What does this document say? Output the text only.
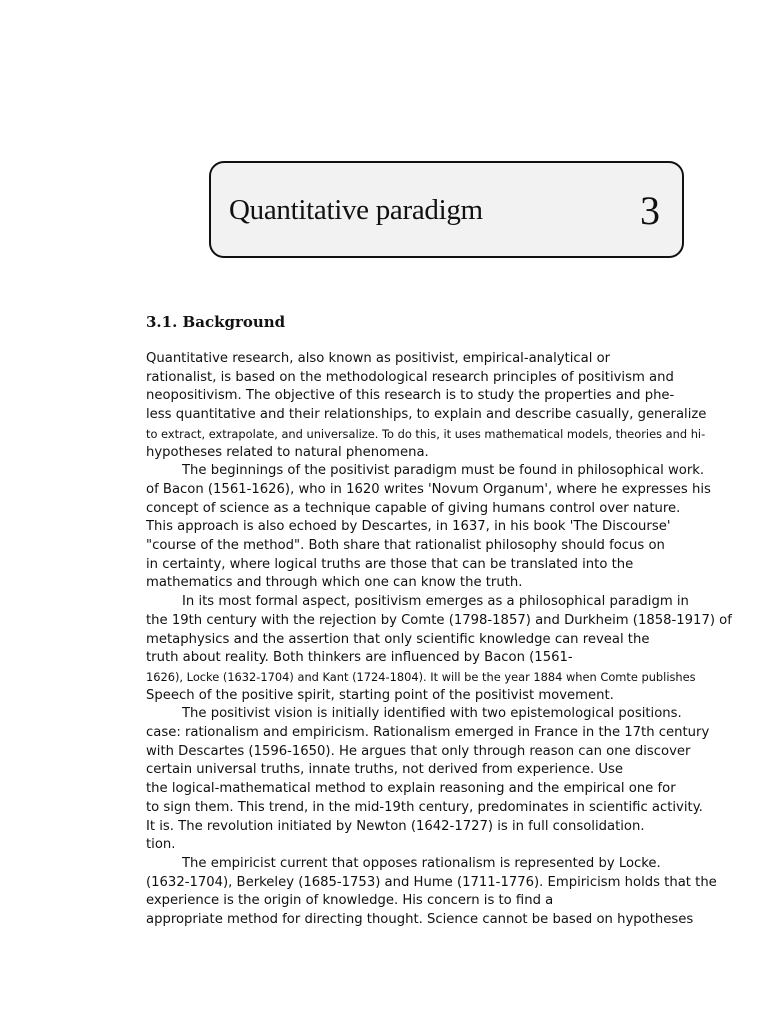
Quantitative paradigm	3
3.1. Background

Quantitative research, also known as positivist, empirical-analytical or
rationalist, is based on the methodological research principles of positivism and
neopositivism. The objective of this research is to study the properties and phe-
less quantitative and their relationships, to explain and describe casually, generalize
to extract, extrapolate, and universalize. To do this, it uses mathematical models, theories and hi-
hypotheses related to natural phenomena.

The beginnings of the positivist paradigm must be found in philosophical work.
of Bacon (1561-1626), who in 1620 writes 'Novum Organum', where he expresses his
concept of science as a technique capable of giving humans control over nature.
This approach is also echoed by Descartes, in 1637, in his book 'The Discourse'
"course of the method". Both share that rationalist philosophy should focus on
in certainty, where logical truths are those that can be translated into the
mathematics and through which one can know the truth.

In its most formal aspect, positivism emerges as a philosophical paradigm in
the 19th century with the rejection by Comte (1798-1857) and Durkheim (1858-1917) of
metaphysics and the assertion that only scientific knowledge can reveal the
truth about reality. Both thinkers are influenced by Bacon (1561-
1626), Locke (1632-1704) and Kant (1724-1804). It will be the year 1884 when Comte publishes
Speech of the positive spirit, starting point of the positivist movement.

The positivist vision is initially identified with two epistemological positions.
case: rationalism and empiricism. Rationalism emerged in France in the 17th century
with Descartes (1596-1650). He argues that only through reason can one discover
certain universal truths, innate truths, not derived from experience. Use
the logical-mathematical method to explain reasoning and the empirical one for
to sign them. This trend, in the mid-19th century, predominates in scientific activity.
It is. The revolution initiated by Newton (1642-1727) is in full consolidation.
tion.

The empiricist current that opposes rationalism is represented by Locke.
(1632-1704), Berkeley (1685-1753) and Hume (1711-1776). Empiricism holds that the
experience is the origin of knowledge. His concern is to find a
appropriate method for directing thought. Science cannot be based on hypotheses
